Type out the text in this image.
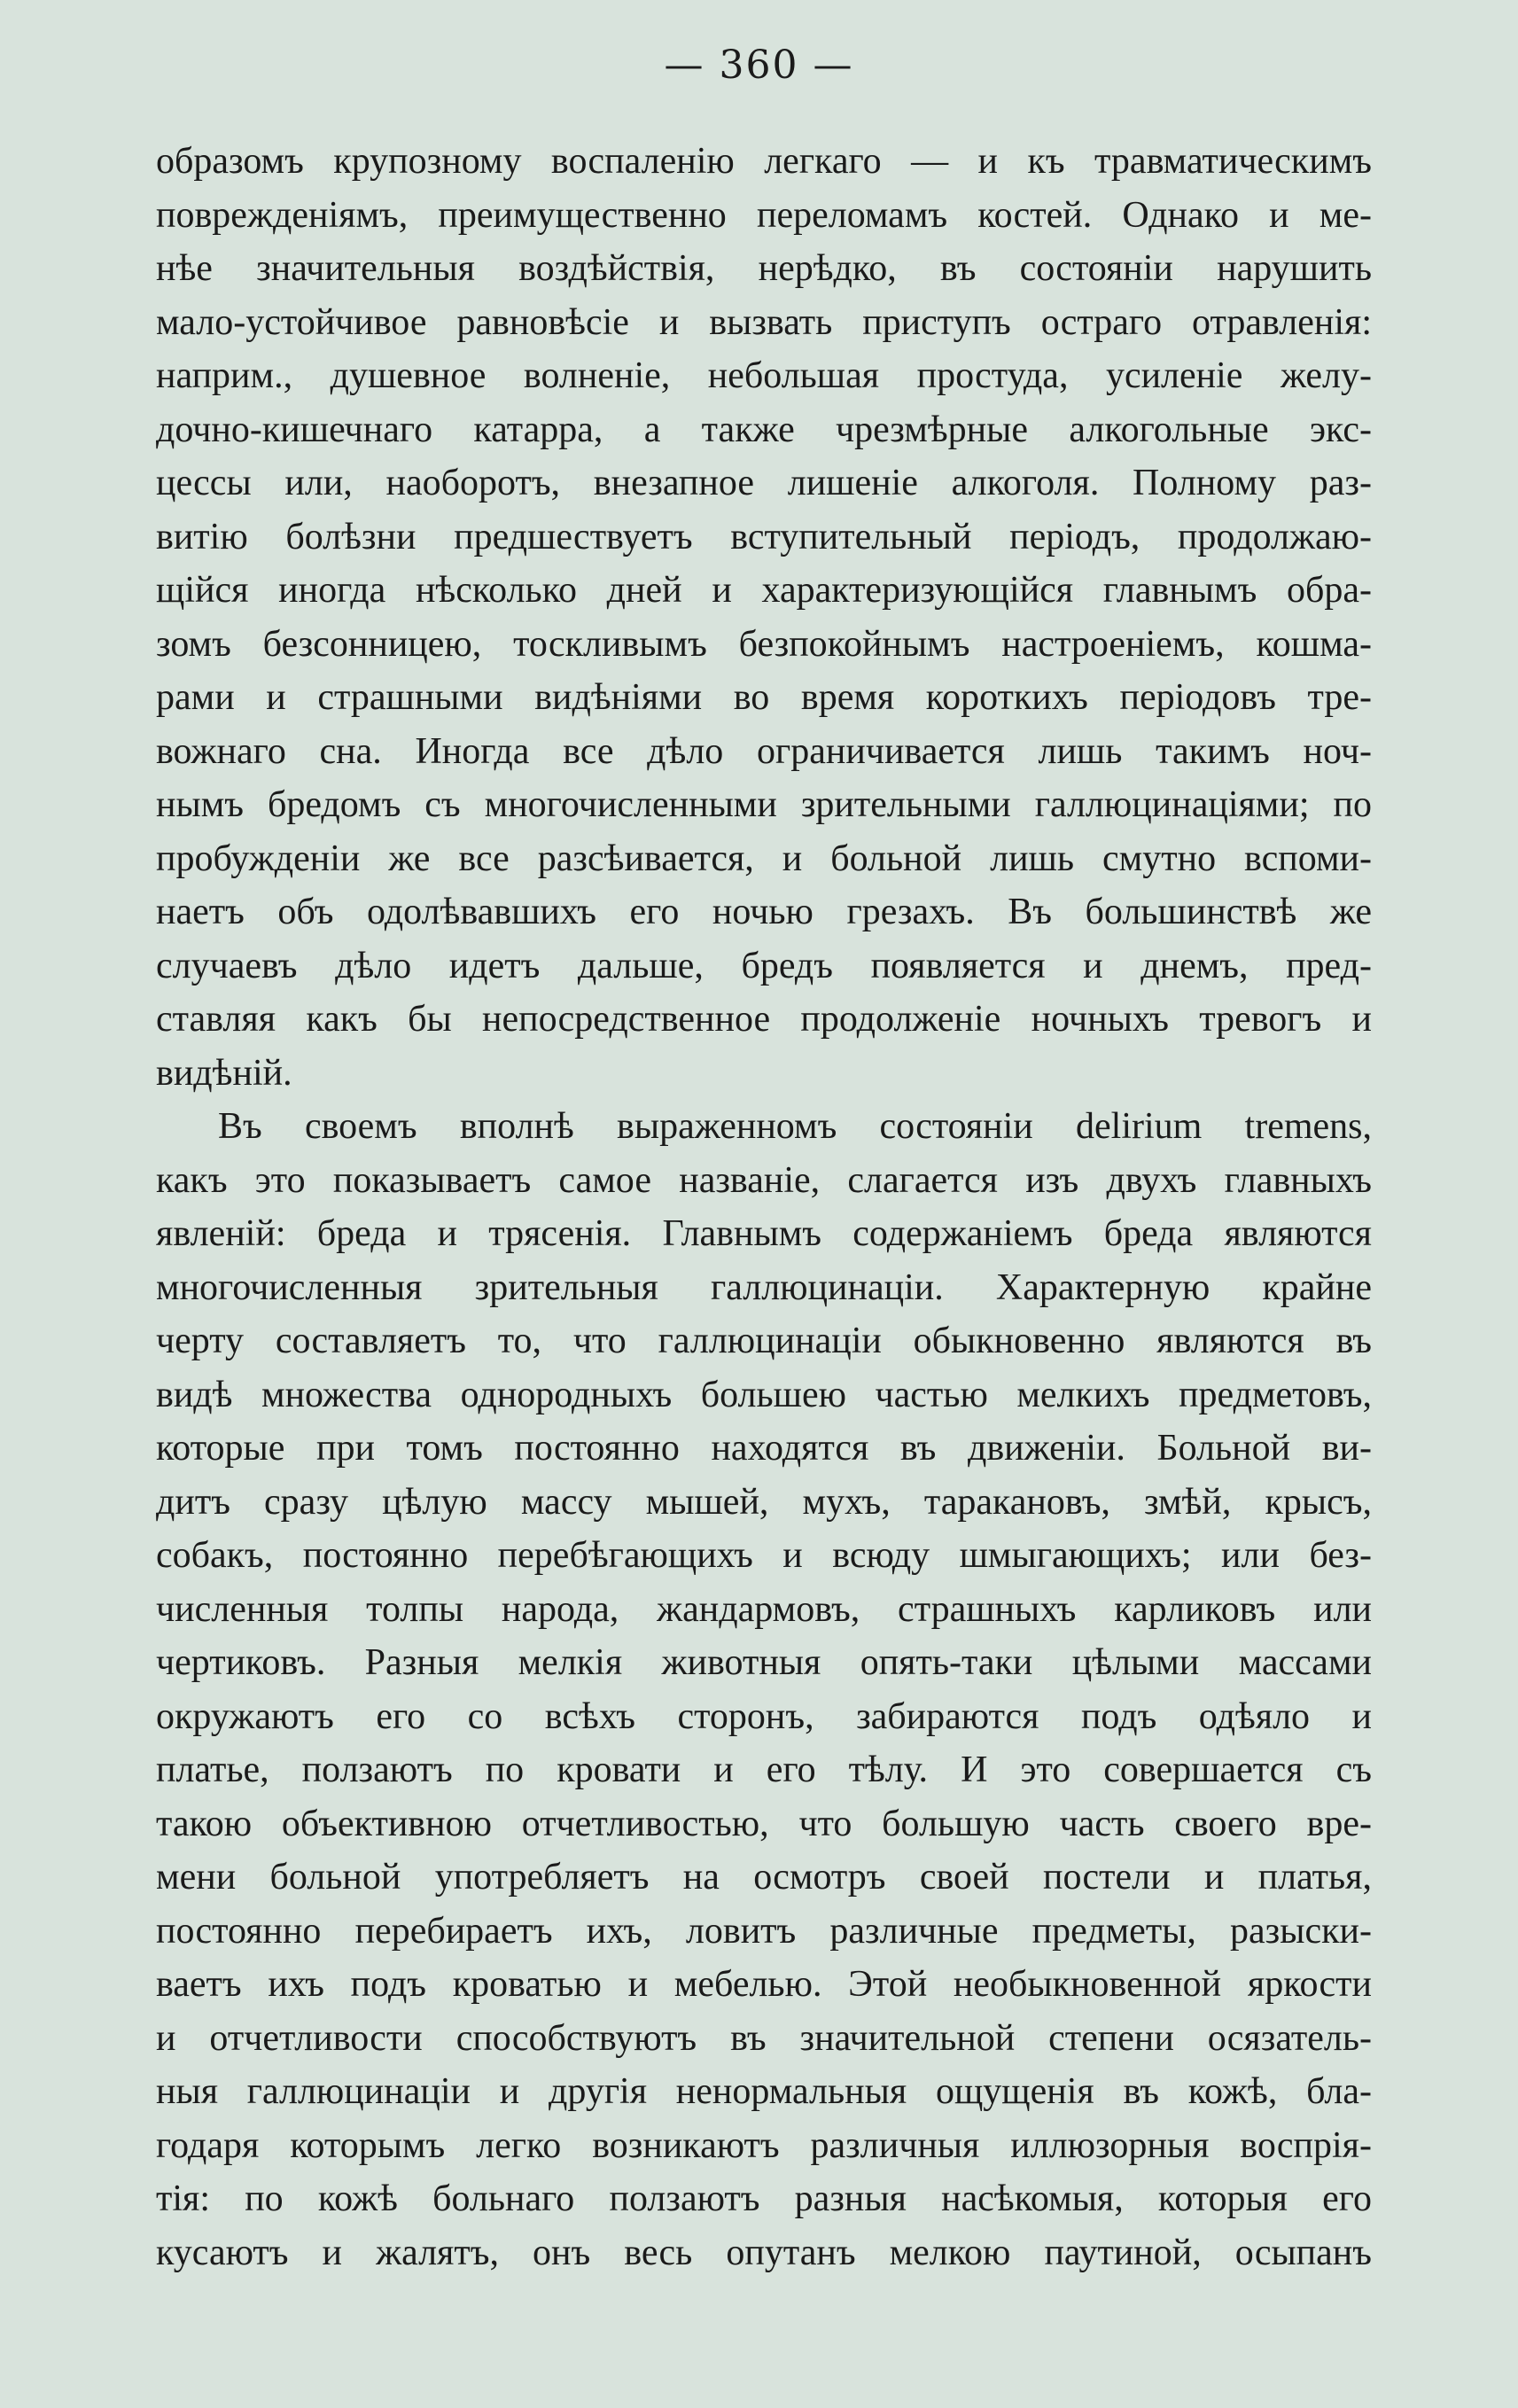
— 360 —
образомъ крупозному воспаленію легкаго — и къ травматическимъ
поврежденіямъ, преимущественно переломамъ костей. Однако и ме-
нѣе значительныя воздѣйствія, нерѣдко, въ состояніи нарушить
мало-устойчивое равновѣсіе и вызвать приступъ остраго отравленія:
наприм., душевное волненіе, небольшая простуда, усиленіе желу-
дочно-кишечнаго катарра, а также чрезмѣрные алкогольные экс-
цессы или, наоборотъ, внезапное лишеніе алкоголя. Полному раз-
витію болѣзни предшествуетъ вступительный періодъ, продолжаю-
щійся иногда нѣсколько дней и характеризующійся главнымъ обра-
зомъ безсонницею, тоскливымъ безпокойнымъ настроеніемъ, кошма-
рами и страшными видѣніями во время короткихъ періодовъ тре-
вожнаго сна. Иногда все дѣло ограничивается лишь такимъ ноч-
нымъ бредомъ съ многочисленными зрительными галлюцинаціями; по
пробужденіи же все разсѣивается, и больной лишь смутно вспоми-
наетъ объ одолѣвавшихъ его ночью грезахъ. Въ большинствѣ же
случаевъ дѣло идетъ дальше, бредъ появляется и днемъ, пред-
ставляя какъ бы непосредственное продолженіе ночныхъ тревогъ и
видѣній.
Въ своемъ вполнѣ выраженномъ состояніи delirium tremens,
какъ это показываетъ самое названіе, слагается изъ двухъ главныхъ
явленій: бреда и трясенія. Главнымъ содержаніемъ бреда являются
многочисленныя зрительныя галлюцинаціи. Характерную крайне
черту составляетъ то, что галлюцинаціи обыкновенно являются въ
видѣ множества однородныхъ большею частью мелкихъ предметовъ,
которые при томъ постоянно находятся въ движеніи. Больной ви-
дитъ сразу цѣлую массу мышей, мухъ, таракановъ, змѣй, крысъ,
собакъ, постоянно перебѣгающихъ и всюду шмыгающихъ; или без-
численныя толпы народа, жандармовъ, страшныхъ карликовъ или
чертиковъ. Разныя мелкія животныя опять-таки цѣлыми массами
окружаютъ его со всѣхъ сторонъ, забираются подъ одѣяло и
платье, ползаютъ по кровати и его тѣлу. И это совершается съ
такою объективною отчетливостью, что большую часть своего вре-
мени больной употребляетъ на осмотръ своей постели и платья,
постоянно перебираетъ ихъ, ловитъ различные предметы, разыски-
ваетъ ихъ подъ кроватью и мебелью. Этой необыкновенной яркости
и отчетливости способствуютъ въ значительной степени осязатель-
ныя галлюцинаціи и другія ненормальныя ощущенія въ кожѣ, бла-
годаря которымъ легко возникаютъ различныя иллюзорныя воспрія-
тія: по кожѣ больнаго ползаютъ разныя насѣкомыя, которыя его
кусаютъ и жалятъ, онъ весь опутанъ мелкою паутиной, осыпанъ
